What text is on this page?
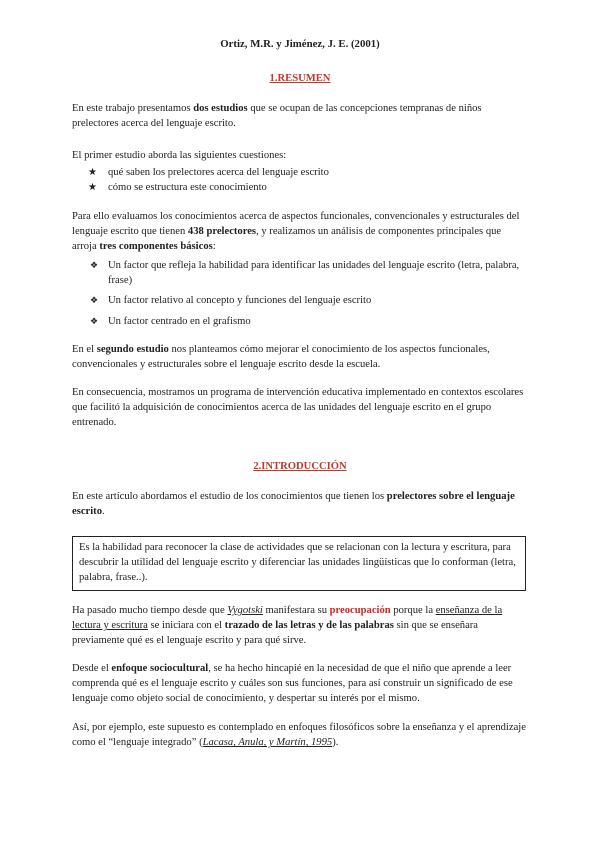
Ortiz, M.R. y Jiménez, J. E. (2001)
1.RESUMEN

En este trabajo presentamos dos estudios que se ocupan de las concepciones tempranas de niños prelectores acerca del lenguaje escrito.

El primer estudio aborda las siguientes cuestiones:

★ qué saben los prelectores acerca del lenguaje escrito
★ cómo se estructura este conocimiento

Para ello evaluamos los conocimientos acerca de aspectos funcionales, convencionales y estructurales del lenguaje escrito que tienen 438 prelectores, y realizamos un análisis de componentes principales que arroja tres componentes básicos:

❖ Un factor que refleja la habilidad para identificar las unidades del lenguaje escrito (letra, palabra, frase)
❖ Un factor relativo al concepto y funciones del lenguaje escrito
❖ Un factor centrado en el grafismo

En el segundo estudio nos planteamos cómo mejorar el conocimiento de los aspectos funcionales, convencionales y estructurales sobre el lenguaje escrito desde la escuela.

En consecuencia, mostramos un programa de intervención educativa implementado en contextos escolares que facilitó la adquisición de conocimientos acerca de las unidades del lenguaje escrito en el grupo entrenado.

2.INTRODUCCIÓN

En este artículo abordamos el estudio de los conocimientos que tienen los prelectores sobre el lenguaje escrito.

Es la habilidad para reconocer la clase de actividades que se relacionan con la lectura y escritura, para descubrir la utilidad del lenguaje escrito y diferenciar las unidades lingüísticas que lo conforman (letra, palabra, frase..).

Ha pasado mucho tiempo desde que Vygotski manifestara su preocupación porque la enseñanza de la lectura y escritura se iniciara con el trazado de las letras y de las palabras sin que se enseñara previamente qué es el lenguaje escrito y para qué sirve.

Desde el enfoque sociocultural, se ha hecho hincapié en la necesidad de que el niño que aprende a leer comprenda qué es el lenguaje escrito y cuáles son sus funciones, para así construir un significado de ese lenguaje como objeto social de conocimiento, y despertar su interés por el mismo.

Así, por ejemplo, este supuesto es contemplado en enfoques filosóficos sobre la enseñanza y el aprendizaje como el “lenguaje integrado” (Lacasa, Anula, y Martín, 1995).
